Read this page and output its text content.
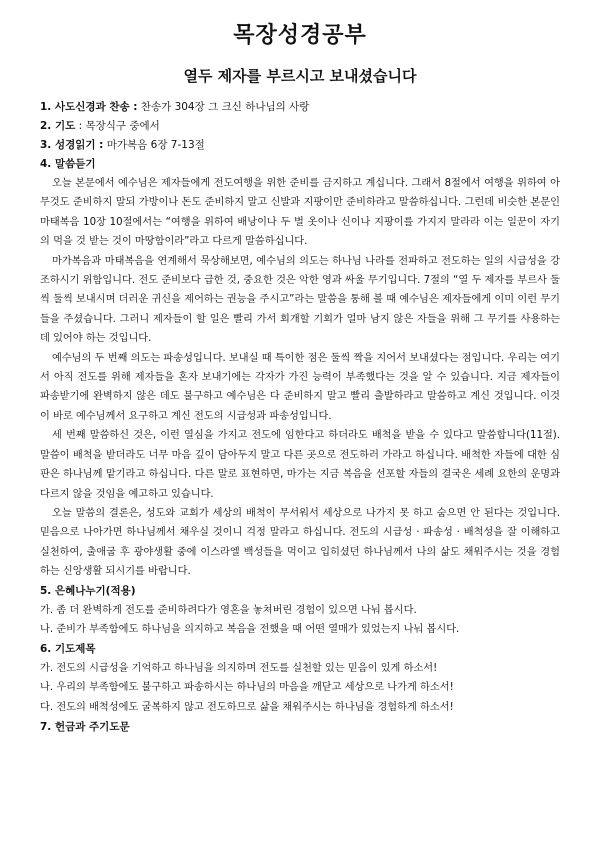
목장성경공부
열두 제자를 부르시고 보내셨습니다
1. 사도신경과 찬송 : 찬송가 304장 그 크신 하나님의 사랑
2. 기도 : 목장식구 중에서
3. 성경읽기 : 마가복음 6장 7-13절
4. 말씀듣기

오늘 본문에서 예수님은 제자들에게 전도여행을 위한 준비를 금지하고 계십니다. 그래서 8절에서 여행을 위하여 아무것도 준비하지 말되 가방이나 돈도 준비하지 말고 신발과 지팡이만 준비하라고 말씀하십니다. 그런데 비슷한 본문인 마태복음 10장 10절에서는 “여행을 위하여 배낭이나 두 벌 옷이나 신이나 지팡이를 가지지 말라라 이는 일꾼이 자기의 먹을 것 받는 것이 마땅함이라”라고 다르게 말씀하십니다.

마가복음과 마태복음을 연계해서 묵상해보면, 예수님의 의도는 하나님 나라를 전파하고 전도하는 일의 시급성을 강조하시기 위함입니다. 전도 준비보다 급한 것, 중요한 것은 악한 영과 싸울 무기입니다. 7절의 “열 두 제자를 부르사 둘씩 둘씩 보내시며 더러운 귀신을 제어하는 권능을 주시고”라는 말씀을 통해 볼 때 예수님은 제자들에게 이미 이런 무기들을 주셨습니다. 그러니 제자들이 할 일은 빨리 가서 회개할 기회가 얼마 남지 않은 자들을 위해 그 무기를 사용하는 데 있어야 하는 것입니다.

예수님의 두 번째 의도는 파송성입니다. 보내실 때 특이한 점은 둘씩 짝을 지어서 보내셨다는 점입니다. 우리는 여기서 아직 전도를 위해 제자들을 혼자 보내기에는 각자가 가진 능력이 부족했다는 것을 알 수 있습니다. 지금 제자들이 파송받기에 완벽하지 않은 데도 불구하고 예수님은 다 준비하지 말고 빨리 출발하라고 말씀하고 계신 것입니다. 이것이 바로 예수님께서 요구하고 계신 전도의 시급성과 파송성입니다.

세 번째 말씀하신 것은, 이런 열심을 가지고 전도에 임한다고 하더라도 배척을 받을 수 있다고 말씀합니다(11절). 말씀이 배척을 받더라도 너무 마음 깊이 담아두지 말고 다른 곳으로 전도하러 가라고 하십니다. 배척한 자들에 대한 심판은 하나님께 맡기라고 하십니다. 다른 말로 표현하면, 마가는 지금 복음을 선포할 자들의 결국은 세례 요한의 운명과 다르지 않을 것임을 예고하고 있습니다.

오늘 말씀의 결론은, 성도와 교회가 세상의 배척이 무서워서 세상으로 나가지 못 하고 숨으면 안 된다는 것입니다. 믿음으로 나아가면 하나님께서 채우실 것이니 걱정 말라고 하십니다. 전도의 시급성 · 파송성 · 배척성을 잘 이해하고 실천하여, 출애굽 후 광야생활 중에 이스라엘 백성들을 먹이고 입히셨던 하나님께서 나의 삶도 채워주시는 것을 경험하는 신앙생활 되시기를 바랍니다.

5. 은혜나누기(적용)
가. 좀 더 완벽하게 전도를 준비하려다가 영혼을 놓쳐버린 경험이 있으면 나눠 봅시다.
나. 준비가 부족함에도 하나님을 의지하고 복음을 전했을 때 어떤 열매가 있었는지 나눠 봅시다.
6. 기도제목
가. 전도의 시급성을 기억하고 하나님을 의지하며 전도를 실천할 있는 믿음이 있게 하소서!
나. 우리의 부족함에도 불구하고 파송하시는 하나님의 마음을 깨닫고 세상으로 나가게 하소서!
다. 전도의 배척성에도 굴복하지 않고 전도하므로 삶을 채워주시는 하나님을 경험하게 하소서!
7. 헌금과 주기도문
